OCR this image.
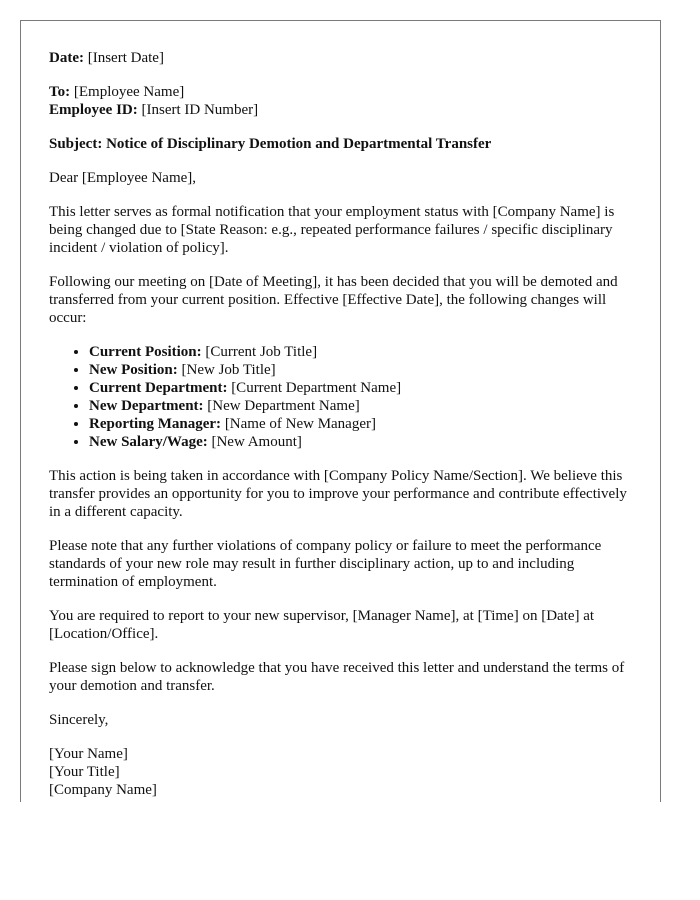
Date: [Insert Date]

To: [Employee Name]

Employee ID: [Insert ID Number]

Subject: Notice of Disciplinary Demotion and Departmental Transfer

Dear [Employee Name],

This letter serves as formal notification that your employment status with [Company Name] is being changed due to [State Reason: e.g., repeated performance failures / specific disciplinary incident / violation of policy].

Following our meeting on [Date of Meeting], it has been decided that you will be demoted and transferred from your current position. Effective [Effective Date], the following changes will occur:

• Current Position: [Current Job Title]
• New Position: [New Job Title]
• Current Department: [Current Department Name]
• New Department: [New Department Name]
• Reporting Manager: [Name of New Manager]
• New Salary/Wage: [New Amount]

This action is being taken in accordance with [Company Policy Name/Section]. We believe this transfer provides an opportunity for you to improve your performance and contribute effectively in a different capacity.

Please note that any further violations of company policy or failure to meet the performance standards of your new role may result in further disciplinary action, up to and including termination of employment.

You are required to report to your new supervisor, [Manager Name], at [Time] on [Date] at [Location/Office].

Please sign below to acknowledge that you have received this letter and understand the terms of your demotion and transfer.

Sincerely,

[Your Name]

[Your Title]

[Company Name]
